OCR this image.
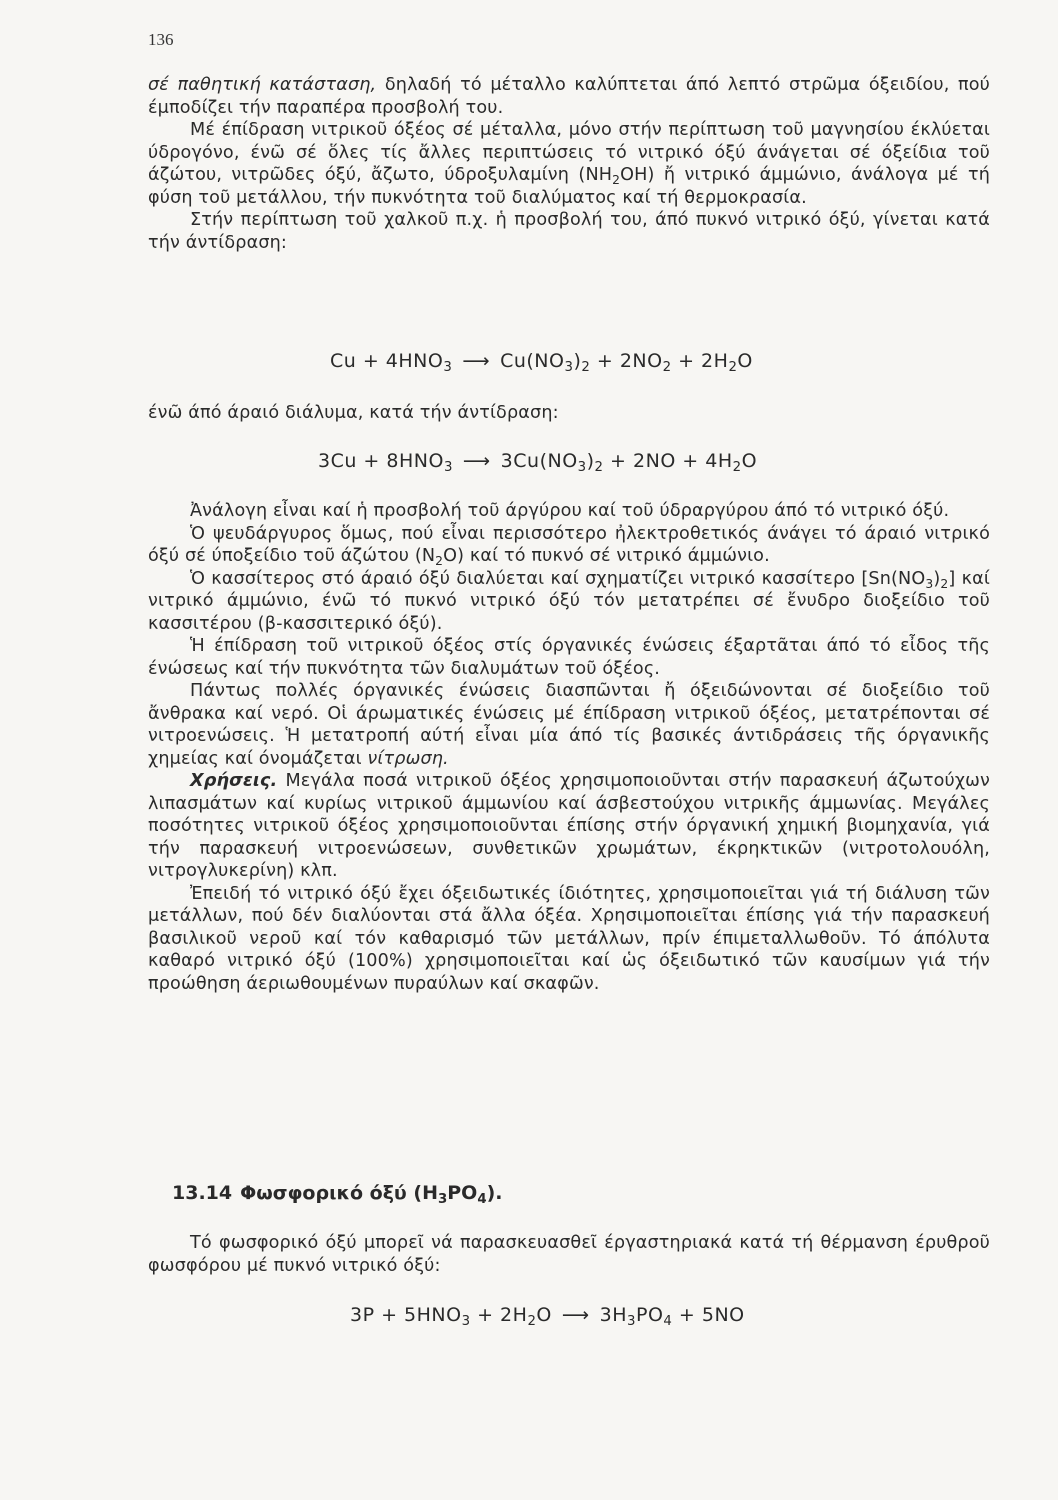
136

σέ παθητική κατάσταση, δηλαδή τό μέταλλο καλύπτεται άπό λεπτό στρῶμα όξειδίου, πού έμποδίζει τήν παραπέρα προσβολή του.

Μέ έπίδραση νιτρικοῦ όξέος σέ μέταλλα, μόνο στήν περίπτωση τοῦ μαγνησίου έκλύεται ύδρογόνο, ένῶ σέ ὅλες τίς ἄλλες περιπτώσεις τό νιτρικό όξύ άνάγεται σέ όξείδια τοῦ άζώτου, νιτρῶδες όξύ, ἄζωτο, ύδροξυλαμίνη $(NH_2OH)$ ἤ νιτρικό άμμώνιο, άνάλογα μέ τή φύση τοῦ μετάλλου, τήν πυκνότητα τοῦ διαλύματος καί τή θερμοκρασία.

Στήν περίπτωση τοῦ χαλκοῦ π.χ. ἡ προσβολή του, άπό πυκνό νιτρικό όξύ, γίνεται κατά τήν άντίδραση:

$Cu + 4HNO_3$ ⟶ $Cu(NO_3)_2 + 2NO_2 + 2H_2O$

ένῶ άπό άραιό διάλυμα, κατά τήν άντίδραση:

$3Cu + 8HNO_3$ ⟶ $3Cu(NO_3)_2 + 2NO + 4H_2O$

Ἀνάλογη εἶναι καί ἡ προσβολή τοῦ άργύρου καί τοῦ ύδραργύρου άπό τό νιτρικό όξύ.

Ὁ ψευδάργυρος ὅμως, πού εἶναι περισσότερο ἠλεκτροθετικός άνάγει τό άραιό νιτρικό όξύ σέ ύποξείδιο τοῦ άζώτου $(N_2O)$ καί τό πυκνό σέ νιτρικό άμμώνιο.

Ὁ κασσίτερος στό άραιό όξύ διαλύεται καί σχηματίζει νιτρικό κασσίτερο $[Sn(NO_3)_2]$ καί νιτρικό άμμώνιο, ένῶ τό πυκνό νιτρικό όξύ τόν μετατρέπει σέ ἔνυδρο διοξείδιο τοῦ κασσιτέρου (β-κασσιτερικό όξύ).

Ἡ έπίδραση τοῦ νιτρικοῦ όξέος στίς όργανικές ένώσεις έξαρτᾶται άπό τό εἶδος τῆς ένώσεως καί τήν πυκνότητα τῶν διαλυμάτων τοῦ όξέος.

Πάντως πολλές όργανικές ένώσεις διασπῶνται ἤ όξειδώνονται σέ διοξείδιο τοῦ ἄνθρακα καί νερό. Οἱ άρωματικές ένώσεις μέ έπίδραση νιτρικοῦ όξέος, μετατρέπονται σέ νιτροενώσεις. Ἡ μετατροπή αύτή εἶναι μία άπό τίς βασικές άντιδράσεις τῆς όργανικῆς χημείας καί όνομάζεται νίτρωση.

Χρήσεις. Μεγάλα ποσά νιτρικοῦ όξέος χρησιμοποιοῦνται στήν παρασκευή άζωτούχων λιπασμάτων καί κυρίως νιτρικοῦ άμμωνίου καί άσβεστούχου νιτρικῆς άμμωνίας. Μεγάλες ποσότητες νιτρικοῦ όξέος χρησιμοποιοῦνται έπίσης στήν όργανική χημική βιομηχανία, γιά τήν παρασκευή νιτροενώσεων, συνθετικῶν χρωμάτων, έκρηκτικῶν (νιτροτολουόλη, νιτρογλυκερίνη) κλπ.

Ἐπειδή τό νιτρικό όξύ ἔχει όξειδωτικές ίδιότητες, χρησιμοποιεῖται γιά τή διάλυση τῶν μετάλλων, πού δέν διαλύονται στά ἄλλα όξέα. Χρησιμοποιεῖται έπίσης γιά τήν παρασκευή βασιλικοῦ νεροῦ καί τόν καθαρισμό τῶν μετάλλων, πρίν έπιμεταλλωθοῦν. Τό άπόλυτα καθαρό νιτρικό όξύ (100%) χρησιμοποιεῖται καί ὡς όξειδωτικό τῶν καυσίμων γιά τήν προώθηση άεριωθουμένων πυραύλων καί σκαφῶν.

13.14 Φωσφορικό όξύ $(H_3PO_4)$.

Τό φωσφορικό όξύ μπορεῖ νά παρασκευασθεῖ έργαστηριακά κατά τή θέρμανση έρυθροῦ φωσφόρου μέ πυκνό νιτρικό όξύ:

$3P + 5HNO_3 + 2H_2O$ ⟶ $3H_3PO_4 + 5NO$
